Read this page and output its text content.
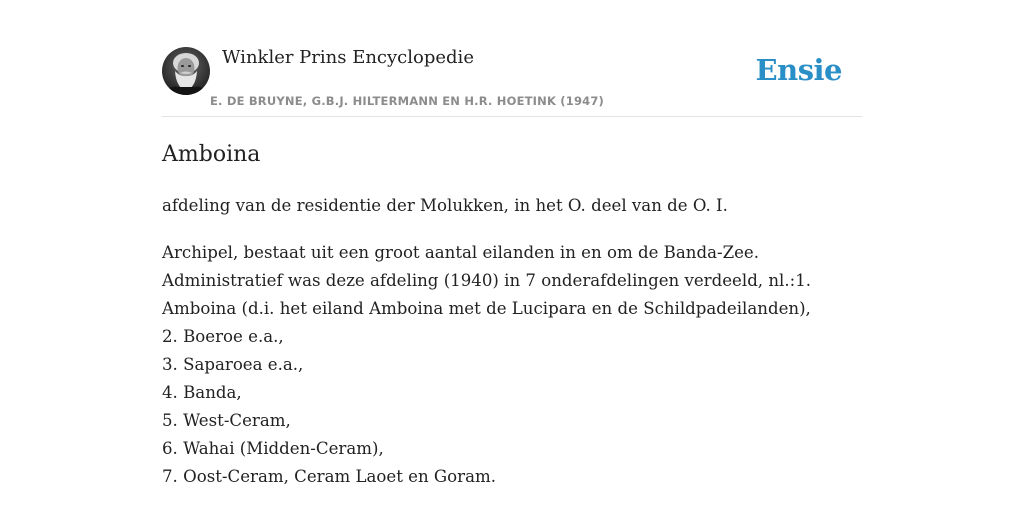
Winkler Prins Encyclopedie
E. DE BRUYNE, G.B.J. HILTERMANN EN H.R. HOETINK (1947)
Ensie
Amboina

afdeling van de residentie der Molukken, in het O. deel van de O. I.

Archipel, bestaat uit een groot aantal eilanden in en om de Banda-Zee.
Administratief was deze afdeling (1940) in 7 onderafdelingen verdeeld, nl.:1.
Amboina (d.i. het eiland Amboina met de Lucipara en de Schildpadeilanden),
2. Boeroe e.a.,
3. Saparoea e.a.,
4. Banda,
5. West-Ceram,
6. Wahai (Midden-Ceram),
7. Oost-Ceram, Ceram Laoet en Goram.
